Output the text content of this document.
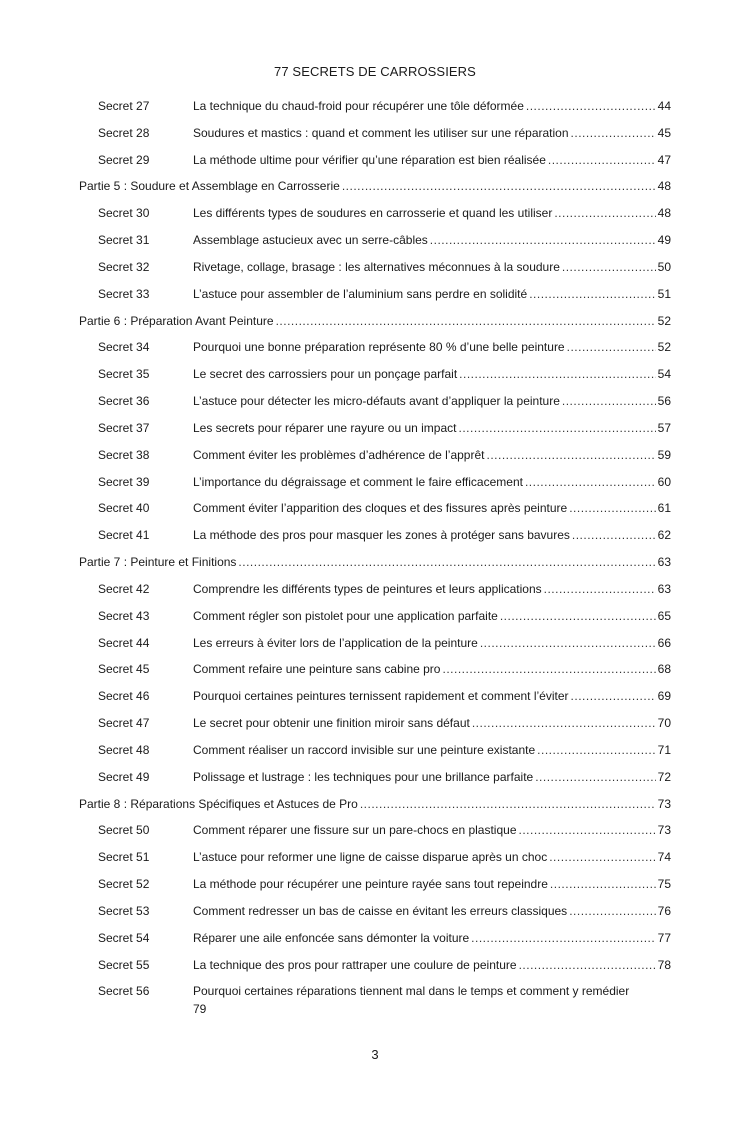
77 SECRETS DE CARROSSIERS
Secret 27	La technique du chaud-froid pour récupérer une tôle déformée .....	44
Secret 28	Soudures et mastics : quand et comment les utiliser sur une réparation .....	45
Secret 29	La méthode ultime pour vérifier qu’une réparation est bien réalisée .....	47
Partie 5 : Soudure et Assemblage en Carrosserie .....	48
Secret 30	Les différents types de soudures en carrosserie et quand les utiliser .....	48
Secret 31	Assemblage astucieux avec un serre-câbles .....	49
Secret 32	Rivetage, collage, brasage : les alternatives méconnues à la soudure .....	50
Secret 33	L’astuce pour assembler de l’aluminium sans perdre en solidité .....	51
Partie 6 : Préparation Avant Peinture .....	52
Secret 34	Pourquoi une bonne préparation représente 80 % d’une belle peinture .....	52
Secret 35	Le secret des carrossiers pour un ponçage parfait .....	54
Secret 36	L’astuce pour détecter les micro-défauts avant d’appliquer la peinture .....	56
Secret 37	Les secrets pour réparer une rayure ou un impact .....	57
Secret 38	Comment éviter les problèmes d’adhérence de l’apprêt .....	59
Secret 39	L’importance du dégraissage et comment le faire efficacement .....	60
Secret 40	Comment éviter l’apparition des cloques et des fissures après peinture .....	61
Secret 41	La méthode des pros pour masquer les zones à protéger sans bavures .....	62
Partie 7 : Peinture et Finitions .....	63
Secret 42	Comprendre les différents types de peintures et leurs applications .....	63
Secret 43	Comment régler son pistolet pour une application parfaite .....	65
Secret 44	Les erreurs à éviter lors de l’application de la peinture .....	66
Secret 45	Comment refaire une peinture sans cabine pro .....	68
Secret 46	Pourquoi certaines peintures ternissent rapidement et comment l’éviter .....	69
Secret 47	Le secret pour obtenir une finition miroir sans défaut .....	70
Secret 48	Comment réaliser un raccord invisible sur une peinture existante .....	71
Secret 49	Polissage et lustrage : les techniques pour une brillance parfaite .....	72
Partie 8 : Réparations Spécifiques et Astuces de Pro .....	73
Secret 50	Comment réparer une fissure sur un pare-chocs en plastique .....	73
Secret 51	L’astuce pour reformer une ligne de caisse disparue après un choc .....	74
Secret 52	La méthode pour récupérer une peinture rayée sans tout repeindre .....	75
Secret 53	Comment redresser un bas de caisse en évitant les erreurs classiques .....	76
Secret 54	Réparer une aile enfoncée sans démonter la voiture .....	77
Secret 55	La technique des pros pour rattraper une coulure de peinture .....	78
Secret 56	Pourquoi certaines réparations tiennent mal dans le temps et comment y remédier
79
3
